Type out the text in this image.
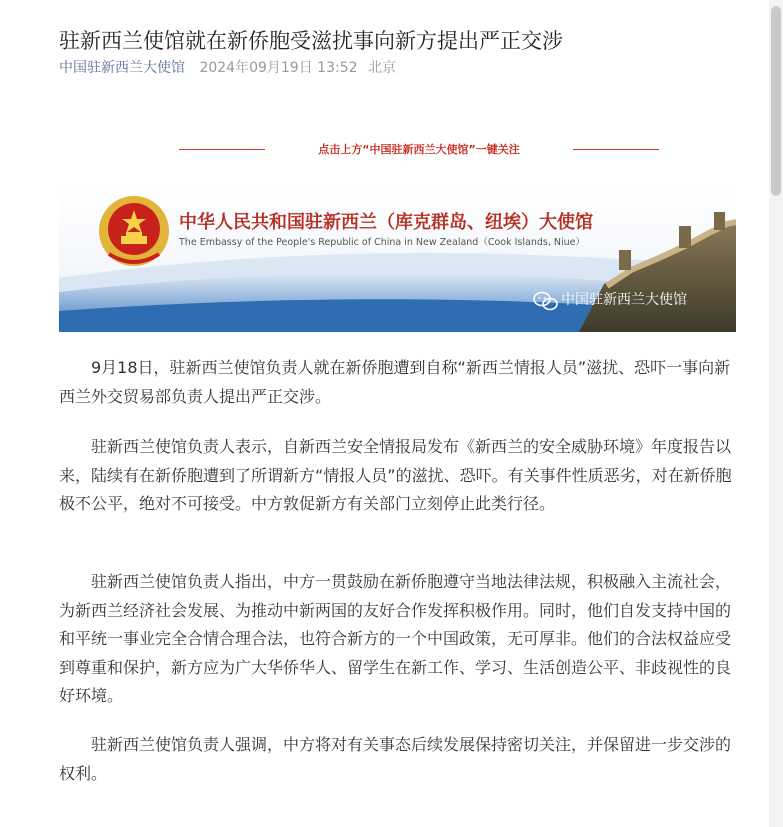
驻新西兰使馆就在新侨胞受滋扰事向新方提出严正交涉
中国驻新西兰大使馆 2024年09月19日 13:52 北京
点击上方“中国驻新西兰大使馆”一键关注
中华人民共和国驻新西兰（库克群岛、纽埃）大使馆
The Embassy of the People's Republic of China in New Zealand（Cook Islands, Niue）
中国驻新西兰大使馆

9月18日，驻新西兰使馆负责人就在新侨胞遭到自称“新西兰情报人员”滋扰、恐吓一事向新西兰外交贸易部负责人提出严正交涉。

驻新西兰使馆负责人表示，自新西兰安全情报局发布《新西兰的安全威胁环境》年度报告以来，陆续有在新侨胞遭到了所谓新方“情报人员”的滋扰、恐吓。有关事件性质恶劣，对在新侨胞极不公平，绝对不可接受。中方敦促新方有关部门立刻停止此类行径。

驻新西兰使馆负责人指出，中方一贯鼓励在新侨胞遵守当地法律法规，积极融入主流社会，为新西兰经济社会发展、为推动中新两国的友好合作发挥积极作用。同时，他们自发支持中国的和平统一事业完全合情合理合法，也符合新方的一个中国政策，无可厚非。他们的合法权益应受到尊重和保护，新方应为广大华侨华人、留学生在新工作、学习、生活创造公平、非歧视性的良好环境。

驻新西兰使馆负责人强调，中方将对有关事态后续发展保持密切关注，并保留进一步交涉的权利。
